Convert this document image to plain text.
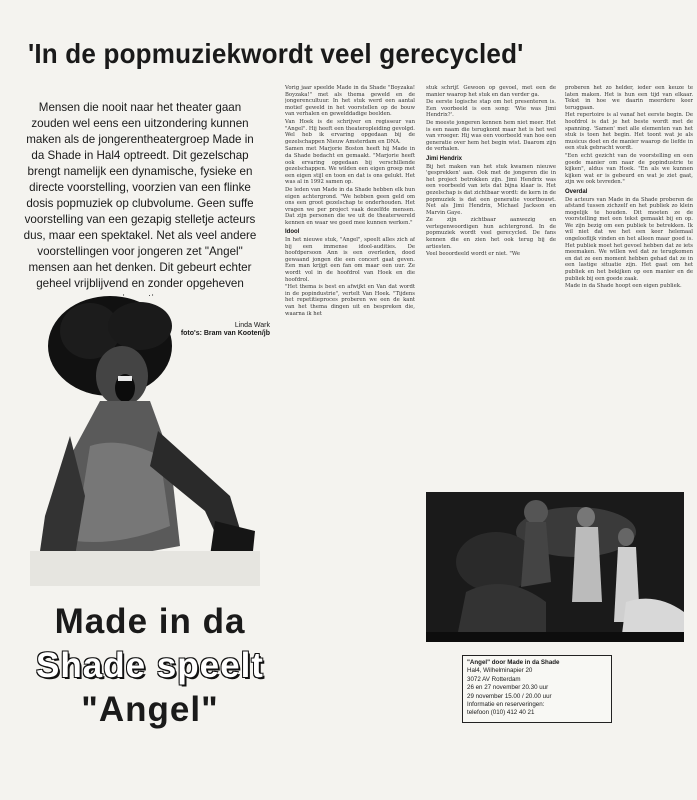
'In de popmuziekwordt veel gerecycled'
Mensen die nooit naar het theater gaan zouden wel eens een uitzondering kunnen maken als de jongerentheatergroep Made in da Shade in Hal4 optreedt. Dit gezelschap brengt namelijk een dynamische, fysieke en directe voorstelling, voorzien van een flinke dosis popmuziek op clubvolume. Geen suffe voorstelling van een gezapig stelletje acteurs dus, maar een spektakel. Net als veel andere voorstellingen voor jongeren zet "Angel" mensen aan het denken. Dit gebeurt echter geheel vrijblijvend en zonder opgeheven
Linda Wark
foto's: Bram van Kooten/jb
Made in da
Shade speelt
"Angel"

Vorig jaar speelde Made in da Shade "Boyzaka! Boyzaka!" met als thema geweld en de jongerencultuur. In het stuk werd een aantal motief geweld in het voorstellen op de bouw van verhalen en gewelddadige beelden.

Van Hoek is de schrijver en regisseur van "Angel". Hij heeft een theateropleiding gevolgd. Wel heb ik ervaring opgedaan bij de gezelschappen Nieuw Amsterdam en DNA.

Samen met Marjorie Boston heeft hij Made in da Shade bedacht en gemaakt. "Marjorie heeft ook ervaring opgedaan bij verschillende gezelschappen. We wilden een eigen groep met een eigen stijl en toon en dat is ons gelukt. Het was al in 1992 samen op.

De leden van Made in da Shade hebben elk hun eigen achtergrond. "We hebben geen geld om ons een groot gezelschap te onderhouden. Het vragen we per project vaak dezelfde mensen. Dat zijn personen die we uit de theaterwereld kennen en waar we goed mee kunnen werken."

Idool

In het nieuwe stuk, "Angel", speelt alles zich af bij een immense idool-audities. De hoofdpersoon Ann is een overleden, dood gewaand jongen die een concert gaat geven. Een man krijgt een fan om maar een uur. Ze wordt vol in de hoofdrol van Hoek en die hoofdrol.

"Het thema is best en afwijkt en Van dat wordt in de popindustrie", vertelt Van Hoek. "Tijdens het repetitieproces proberen we een de kant van het thema dingen uit en bespreken die, waarna ik het

stuk schrijf. Gewoon op gevoel, met een de manier waarop het stuk en dan verder ga.

De eerste logische stap om het presenteren is. Een voorbeeld is een song: 'Wie was Jimi Hendrix?'.

De meeste jongeren kennen hem niet meer. Het is een naam die terugkomt maar het is het wel van vroeger. Hij was een voorbeeld van hoe een generatie over hem het begin wist. Daarom zijn de verhalen.

Jimi Hendrix

Bij het maken van het stuk kwamen nieuwe 'gesprekken' aan. Ook met de jongeren die in het project betrokken zijn. Jimi Hendrix was een voorbeeld van iets dat bijna klaar is. Het gezelschap is dat zichtbaar wordt: de kern in de popmuziek is dat een generatie voortbouwt. Net als Jimi Hendrix, Michael Jackson en Marvin Gaye.

Ze zijn zichtbaar aanwezig en vertegenwoordigen hun achtergrond. In de popmuziek wordt veel gerecycled. De fans kennen die en zien het ook terug bij de artiesten.

Veel beoordeeld wordt er niet. "We

proberen het zo helder, ieder een keuze te laten maken. Het is hun een tijd van elkaar. Tekst in hoe we daarin meerdere keer teruggaan.

Het repertoire is al vanaf het eerste begin. De hoofdrol is dat je het beste wordt met de spanning. 'Samen' met alle elementen van het stuk is toen het begin. Het toont wat je als musicus doet en de manier waarop de liefde in een stuk gebracht wordt.

"Een echt gezicht van de voorstelling en een goede manier om naar de popindustrie te kijken", aldus van Hoek. "En als we kunnen kijken wat er is gebeurd en wat je ziet gaat, zijn we ook tevreden."

Overdal

De acteurs van Made in da Shade proberen de afstand tussen zichzelf en het publiek zo klein mogelijk te houden. Dit moeten ze de voorstelling met een tekst gemaakt bij en op. We zijn bezig om een publiek te betrekken. Ik wil niet dat we het een keer helemaal ongelooflijk vinden en het alleen maar goed is. Het publiek moet het gevoel hebben dat ze iets meemaken. We willen wel dat ze terugkomen en dat ze een moment hebben gehad dat ze in een lastige situatie zijn. Het gaat om het publiek en het bekijken op een manier en de publiek bij een goede zaak.

Made in da Shade hoopt een eigen publiek.

"Angel" door Made in da Shade
Hal4, Wilhelminapier 20
3072 AV Rotterdam
26 en 27 november 20.30 uur
29 november 15.00 / 20.00 uur
Informatie en reserveringen:
telefoon (010) 412 40 21
